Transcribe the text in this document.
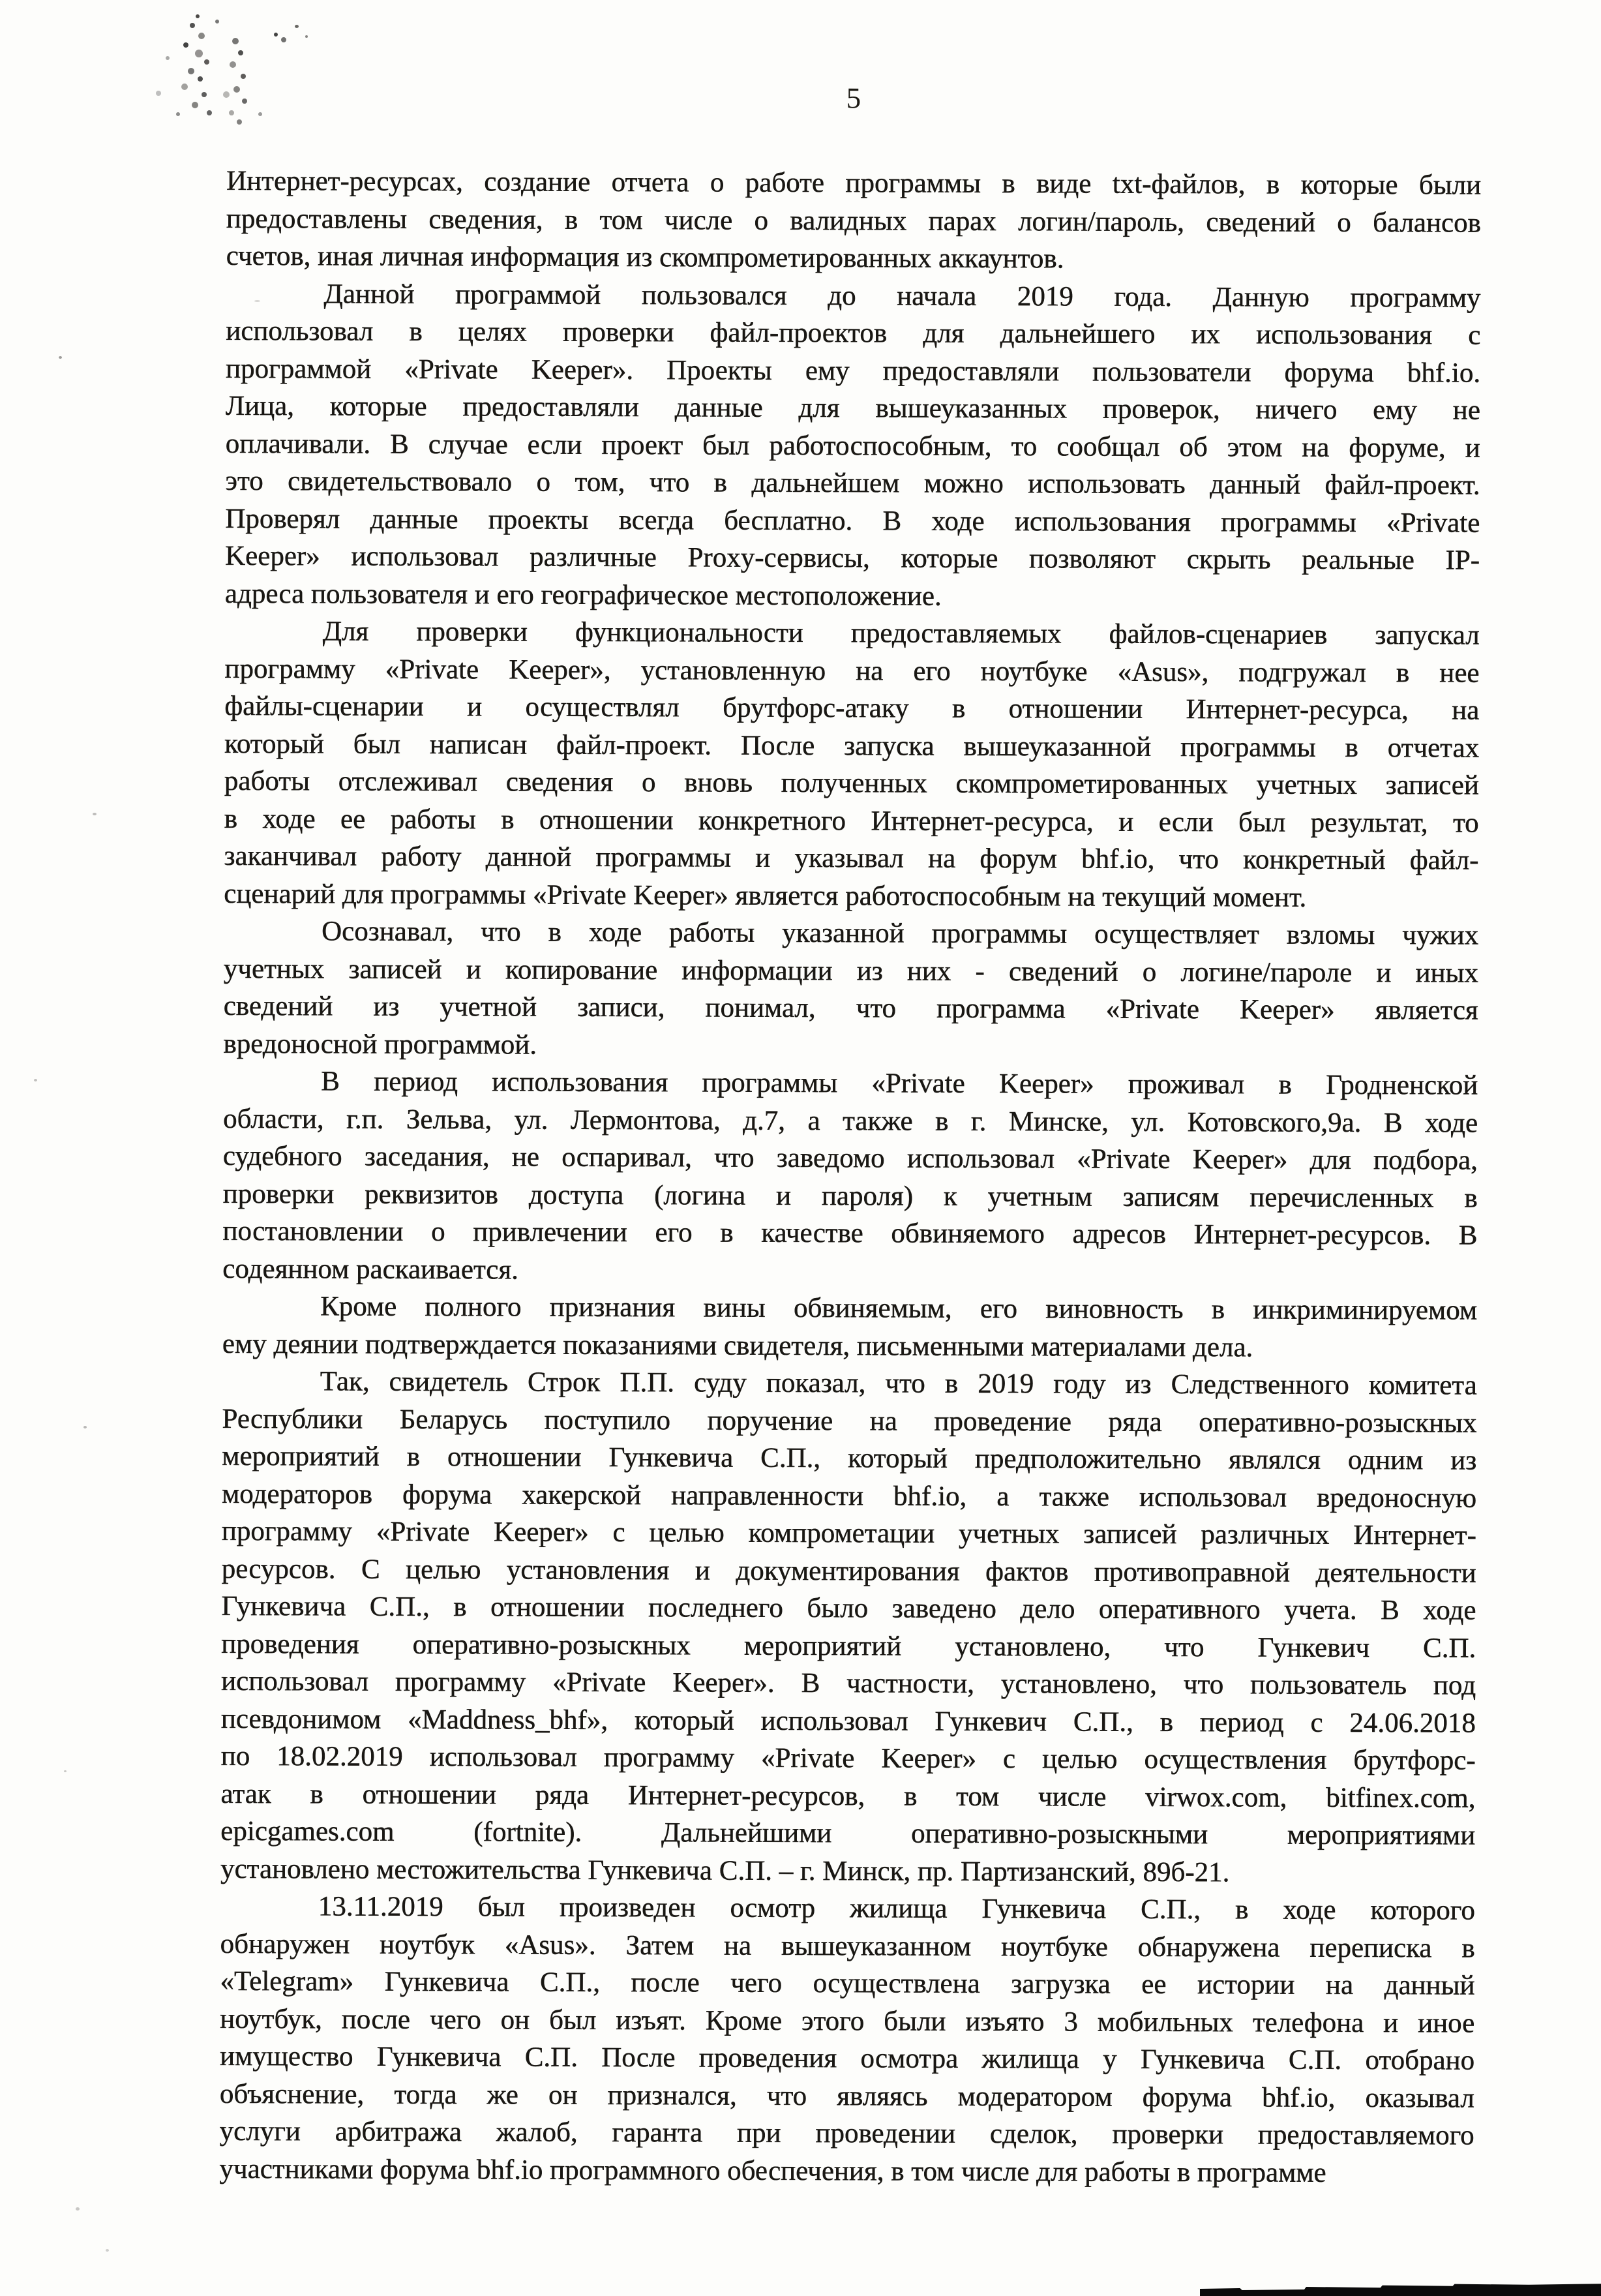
5
Интернет-ресурсах, создание отчета о работе программы в виде txt-файлов, в которые были
предоставлены сведения, в том числе о валидных парах логин/пароль, сведений о балансов
счетов, иная личная информация из скомпрометированных аккаунтов.
Данной программой пользовался до начала 2019 года. Данную программу
использовал в целях проверки файл-проектов для дальнейшего их использования с
программой «Private Keeper». Проекты ему предоставляли пользователи форума bhf.io.
Лица, которые предоставляли данные для вышеуказанных проверок, ничего ему не
оплачивали. В случае если проект был работоспособным, то сообщал об этом на форуме, и
это свидетельствовало о том, что в дальнейшем можно использовать данный файл-проект.
Проверял данные проекты всегда бесплатно. В ходе использования программы «Private
Keeper» использовал различные Proxy-сервисы, которые позволяют скрыть реальные IP-
адреса пользователя и его географическое местоположение.
Для проверки функциональности предоставляемых файлов-сценариев запускал
программу «Private Keeper», установленную на его ноутбуке «Asus», подгружал в нее
файлы-сценарии и осуществлял брутфорс-атаку в отношении Интернет-ресурса, на
который был написан файл-проект. После запуска вышеуказанной программы в отчетах
работы отслеживал сведения о вновь полученных скомпрометированных учетных записей
в ходе ее работы в отношении конкретного Интернет-ресурса, и если был результат, то
заканчивал работу данной программы и указывал на форум bhf.io, что конкретный файл-
сценарий для программы «Private Keeper» является работоспособным на текущий момент.
Осознавал, что в ходе работы указанной программы осуществляет взломы чужих
учетных записей и копирование информации из них - сведений о логине/пароле и иных
сведений из учетной записи, понимал, что программа «Private Keeper» является
вредоносной программой.
В период использования программы «Private Keeper» проживал в Гродненской
области, г.п. Зельва, ул. Лермонтова, д.7, а также в г. Минске, ул. Котовского,9а. В ходе
судебного заседания, не оспаривал, что заведомо использовал «Private Keeper» для подбора,
проверки реквизитов доступа (логина и пароля) к учетным записям перечисленных в
постановлении о привлечении его в качестве обвиняемого адресов Интернет-ресурсов. В
содеянном раскаивается.
Кроме полного признания вины обвиняемым, его виновность в инкриминируемом
ему деянии подтверждается показаниями свидетеля, письменными материалами дела.
Так, свидетель Строк П.П. суду показал, что в 2019 году из Следственного комитета
Республики Беларусь поступило поручение на проведение ряда оперативно-розыскных
мероприятий в отношении Гункевича С.П., который предположительно являлся одним из
модераторов форума хакерской направленности bhf.io, а также использовал вредоносную
программу «Private Keeper» с целью компрометации учетных записей различных Интернет-
ресурсов. С целью установления и документирования фактов противоправной деятельности
Гункевича С.П., в отношении последнего было заведено дело оперативного учета. В ходе
проведения оперативно-розыскных мероприятий установлено, что Гункевич С.П.
использовал программу «Private Keeper». В частности, установлено, что пользователь под
псевдонимом «Maddness_bhf», который использовал Гункевич С.П., в период с 24.06.2018
по 18.02.2019 использовал программу «Private Keeper» с целью осуществления брутфорс-
атак в отношении ряда Интернет-ресурсов, в том числе virwox.com, bitfinex.com,
epicgames.com (fortnite). Дальнейшими оперативно-розыскными мероприятиями
установлено местожительства Гункевича С.П. – г. Минск, пр. Партизанский, 89б-21.
13.11.2019 был произведен осмотр жилища Гункевича С.П., в ходе которого
обнаружен ноутбук «Asus». Затем на вышеуказанном ноутбуке обнаружена переписка в
«Telegram» Гункевича С.П., после чего осуществлена загрузка ее истории на данный
ноутбук, после чего он был изъят. Кроме этого были изъято 3 мобильных телефона и иное
имущество Гункевича С.П. После проведения осмотра жилища у Гункевича С.П. отобрано
объяснение, тогда же он признался, что являясь модератором форума bhf.io, оказывал
услуги арбитража жалоб, гаранта при проведении сделок, проверки предоставляемого
участниками форума bhf.io программного обеспечения, в том числе для работы в программе
